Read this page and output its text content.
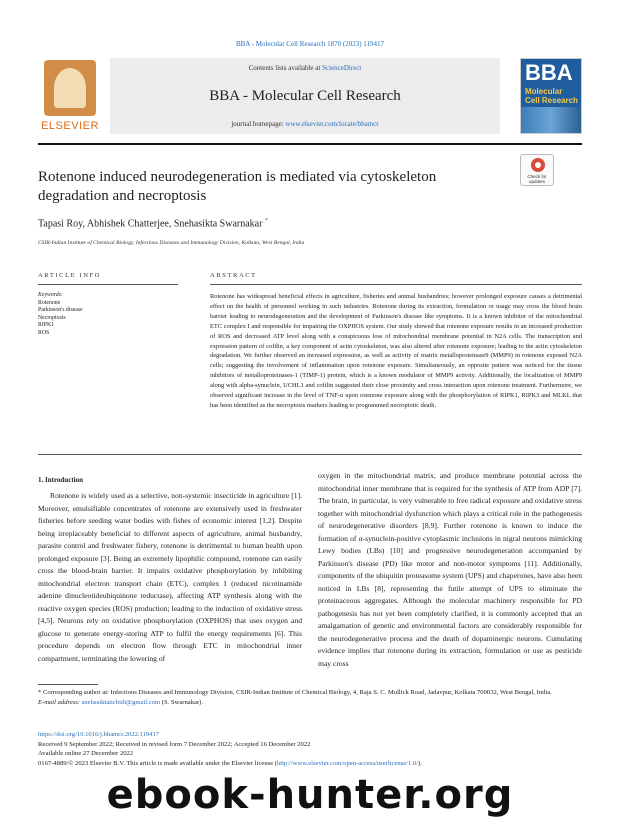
BBA - Molecular Cell Research 1870 (2023) 119417
ELSEVIER
Contents lists available at ScienceDirect
BBA - Molecular Cell Research
journal homepage: www.elsevier.com/locate/bbamcr
BBA
Molecular Cell Research
Rotenone induced neurodegeneration is mediated via cytoskeleton degradation and necroptosis
Check for updates
Tapasi Roy, Abhishek Chatterjee, Snehasikta Swarnakar *
CSIR-Indian Institute of Chemical Biology, Infectious Diseases and Immunology Division, Kolkata, West Bengal, India
ARTICLE INFO	ABSTRACT
Keywords:
Rotenone
Parkinson's disease
Necroptosis
RIPK1
ROS
Rotenone has widespread beneficial effects in agriculture, fisheries and animal husbandries; however prolonged exposure causes a detrimental effect on the health of personnel working in such industries. Rotenone during its extraction, formulation or usage may cross the blood brain barrier leading to neurodegeneration and the development of Parkinson's disease like symptoms. It is a known inhibitor of the mitochondrial ETC complex I and responsible for impairing the OXPHOS system. Our study showed that rotenone exposure results in an increased production of ROS and decreased ATP level along with a conspicuous loss of mitochondrial membrane potential in N2A cells. The transcription and expression pattern of cofilin, a key component of actin cytoskeleton, was also altered after rotenone exposure; leading to the actin cytoskeleton degradation. We further observed an increased expression, as well as activity of matrix metalloproteinase9 (MMP9) in rotenone exposed N2A cells; suggesting the involvement of inflammation upon rotenone exposure. Simultaneously, an opposite pattern was noticed for the tissue inhibitors of metalloproteinases-1 (TIMP-1) protein, which is a known modulator of MMP9 activity. Additionally, the localization of MMP9 along with alpha-synuclein, UCHL1 and cofilin suggested their close proximity and cross interaction upon rotenone treatment. Furthermore, we observed significant increase in the level of TNF-α upon rotenone exposure along with the phosphorylation of RIPK1, RIPK3 and MLKL that has been identified as the necroptosis markers leading to programmed necroptotic death.
1. Introduction
Rotenone is widely used as a selective, non-systemic insecticide in agriculture [1]. Moreover, emulsifiable concentrates of rotenone are extensively used in freshwater fisheries before seeding water bodies with fishes of economic interest [1,2]. Despite being irreplaceably beneficial to different aspects of agriculture, animal husbandry, parasite control and freshwater fishery, rotenone is detrimental to human health upon prolonged exposure [3]. Being an extremely lipophilic compound, rotenone can easily cross the blood-brain barrier. It impairs oxidative phosphorylation by inhibiting mitochondrial electron transport chain (ETC), complex I (reduced nicotinamide adenine dinucleotideubiquinone reductase), affecting ATP synthesis along with the reactive oxygen species (ROS) production; leading to the induction of oxidative stress [4,5]. Neurons rely on oxidative phosphorylation (OXPHOS) that uses oxygen and glucose to generate energy-storing ATP to fulfil the energy requirements [6]. This procedure depends on electron flow through ETC in mitochondrial inner compartment, terminating the lowering of
oxygen in the mitochondrial matrix, and produce membrane potential across the mitochondrial inner membrane that is required for the synthesis of ATP from ADP [7]. The brain, in particular, is very vulnerable to free radical exposure and oxidative stress together with mitochondrial dysfunction which plays a critical role in the pathogenesis of neurodegenerative disorders [8,9]. Further rotenone is known to induce the formation of α-synuclein-positive cytoplasmic inclusions in nigral neurons mimicking Lewy bodies (LBs) [10] and progressive neurodegeneration accompanied by Parkinson's disease (PD) like motor and non-motor symptoms [11]. Additionally, components of the ubiquitin proteasome system (UPS) and chaperones, have also been noticed in LBs [8], representing the futile attempt of UPS to eliminate the proteinaceous aggregates. Although the molecular machinery responsible for PD pathogenesis has not yet been completely clarified, it is commonly accepted that an amalgamation of genetic and environmental factors are considerably responsible for the neurodegenerative process and the death of dopaminergic neurons. Cumulating evidence implies that rotenone during its extraction, formulation or use as pesticide may cross
* Corresponding author at: Infectious Diseases and Immunology Division, CSIR-Indian Institute of Chemical Biology, 4, Raja S. C. Mullick Road, Jadavpur, Kolkata 700032, West Bengal, India.
E-mail address: snehasiktaiicbidi@gmail.com (S. Swarnakar).
https://doi.org/10.1016/j.bbamcr.2022.119417
Received 9 September 2022; Received in revised form 7 December 2022; Accepted 16 December 2022
Available online 27 December 2022
0167-4889/© 2023 Elsevier B.V. This article is made available under the Elsevier license (http://www.elsevier.com/open-access/userlicense/1.0/).
ebook-hunter.org
